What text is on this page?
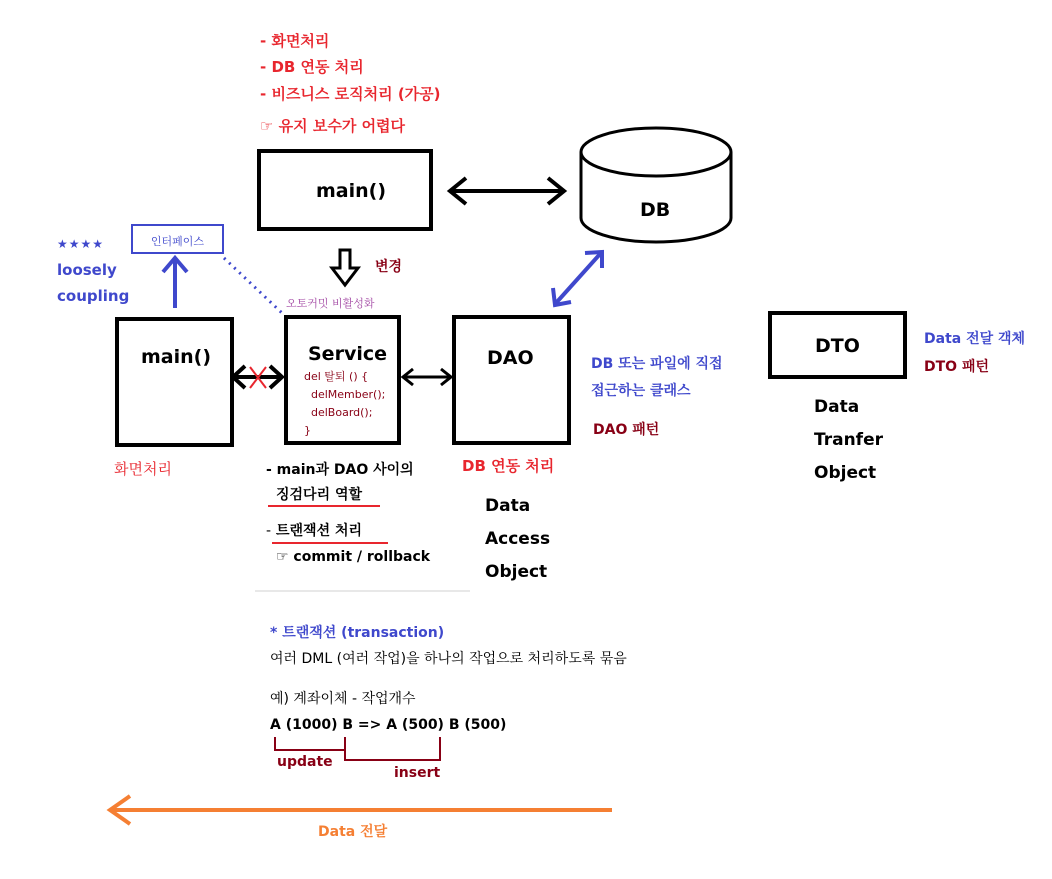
- 화면처리
- DB 연동 처리
- 비즈니스 로직처리 (가공)
☞ 유지 보수가 어렵다
main()
DB
변경
인터페이스
★★★★
loosely
coupling	오토커밋 비활성화
main()
화면처리
Service
del 탈퇴 () {
delMember();
delBoard();
}
- main과 DAO 사이의
징검다리 역할
- 트랜잭션 처리
☞ commit / rollback
DAO
DB 연동 처리
DB 또는 파일에 직접
접근하는 클래스
DAO 패턴
Data
Access
Object
DTO	Data 전달 객체
DTO 패턴
Data
Tranfer
Object
* 트랜잭션 (transaction)
여러 DML (여러 작업)을 하나의 작업으로 처리하도록 묶음
예) 계좌이체 - 작업개수
A (1000) B => A (500) B (500)
update
insert
Data 전달
